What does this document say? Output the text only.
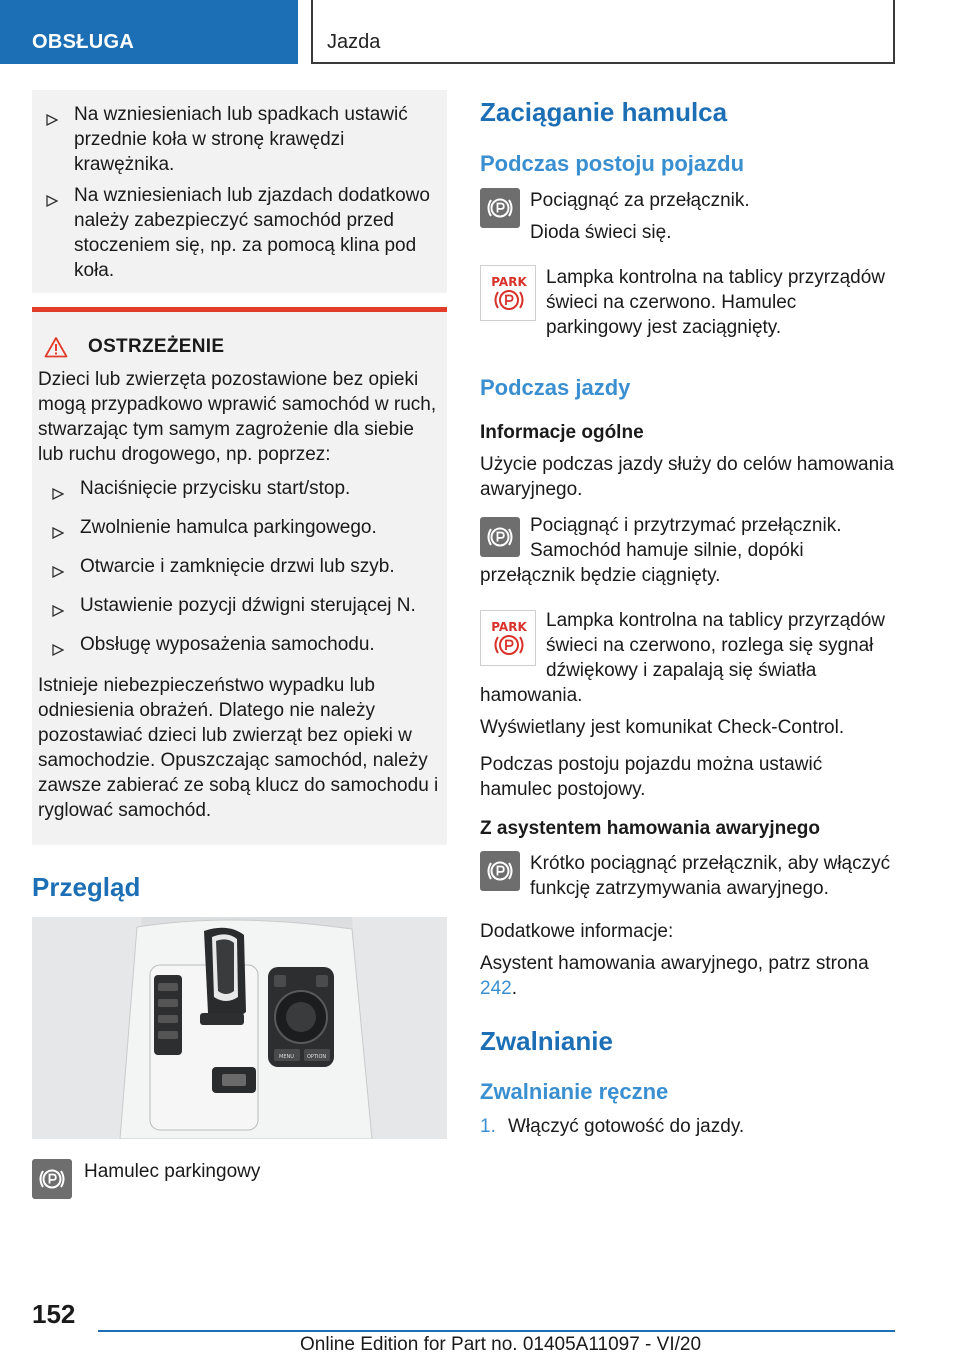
OBSŁUGA	Jazda
Na wzniesieniach lub spadkach ustawić przednie koła w stronę krawędzi krawężnika.
Na wzniesieniach lub zjazdach dodatkowo należy zabezpieczyć samochód przed stoczeniem się, np. za pomocą klina pod koła.
OSTRZEŻENIE

Dzieci lub zwierzęta pozostawione bez opieki mogą przypadkowo wprawić samochód w ruch, stwarzając tym samym zagrożenie dla siebie lub ruchu drogowego, np. poprzez:

Naciśnięcie przycisku start/stop.
Zwolnienie hamulca parkingowego.
Otwarcie i zamknięcie drzwi lub szyb.
Ustawienie pozycji dźwigni sterującej N.
Obsługę wyposażenia samochodu.

Istnieje niebezpieczeństwo wypadku lub odniesienia obrażeń. Dlatego nie należy pozostawiać dzieci lub zwierząt bez opieki w samochodzie. Opuszczając samochód, należy zawsze zabierać ze sobą klucz do samochodu i ryglować samochód.

Przegląd
MENU	OPTION
Hamulec parkingowy
Zaciąganie hamulca
Podczas postoju pojazdu

Pociągnąć za przełącznik.

Dioda świeci się.

PARK	Lampka kontrolna na tablicy przyrządów świeci na czerwono. Hamulec parkingowy jest zaciągnięty.
Podczas jazdy
Informacje ogólne

Użycie podczas jazdy służy do celów hamowania awaryjnego.

Pociągnąć i przytrzymać przełącznik. Samochód hamuje silnie, dopóki przełącznik będzie ciągnięty.

PARK	Lampka kontrolna na tablicy przyrządów świeci na czerwono, rozlega się sygnał dźwiękowy i zapalają się światła hamowania.

Wyświetlany jest komunikat Check-Control.

Podczas postoju pojazdu można ustawić hamulec postojowy.

Z asystentem hamowania awaryjnego
Krótko pociągnąć przełącznik, aby włączyć funkcję zatrzymywania awaryjnego.

Dodatkowe informacje:

Asystent hamowania awaryjnego, patrz strona 242.

Zwalnianie
Zwalnianie ręczne
1. Włączyć gotowość do jazdy.
152
Online Edition for Part no. 01405A11097 - VI/20
